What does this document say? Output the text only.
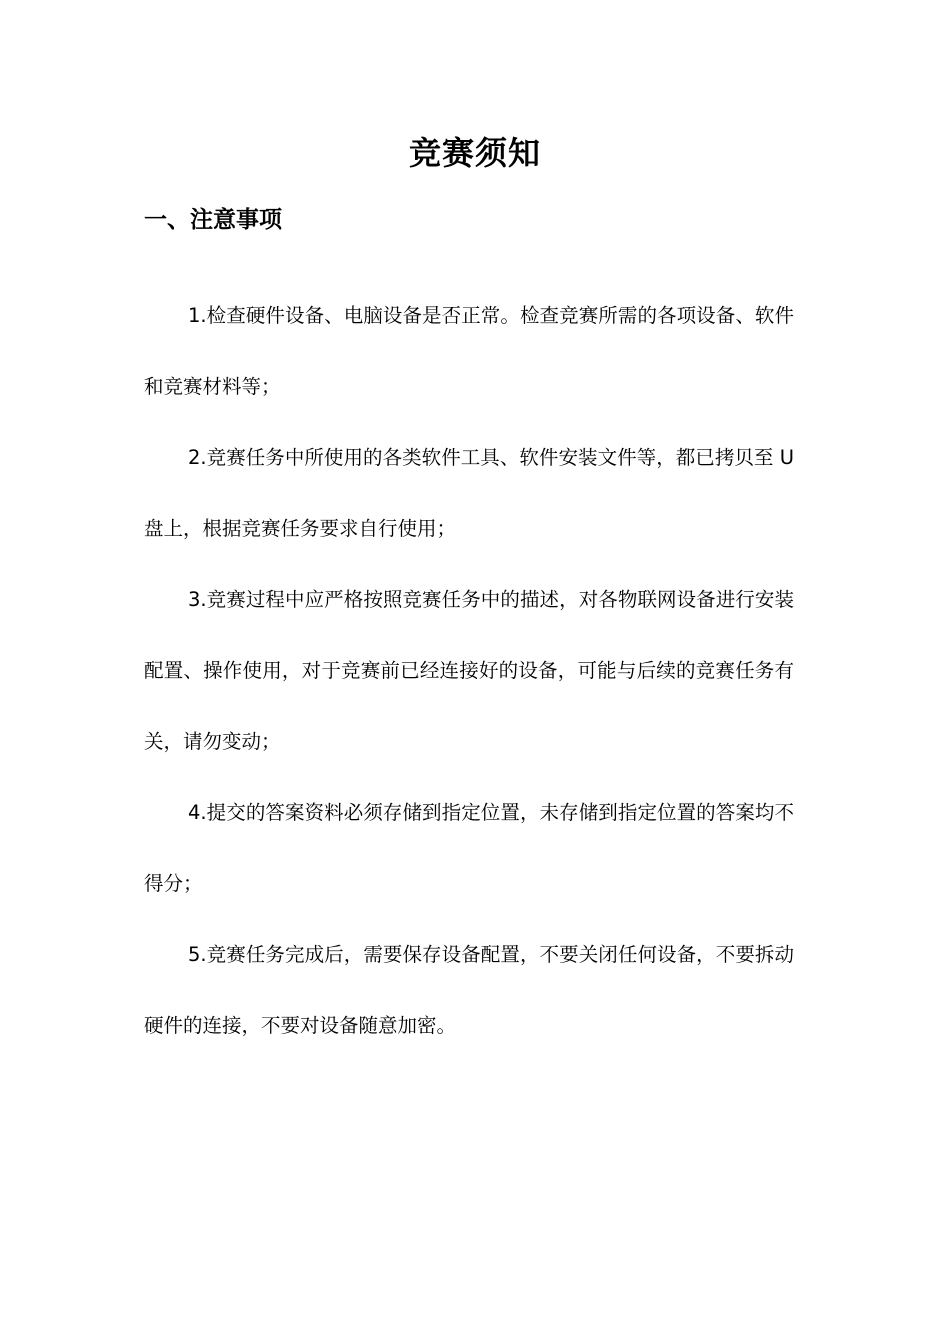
竞赛须知
一、注意事项

1.检查硬件设备、电脑设备是否正常。检查竞赛所需的各项设备、软件和竞赛材料等；

2.竞赛任务中所使用的各类软件工具、软件安装文件等，都已拷贝至 U 盘上，根据竞赛任务要求自行使用；

3.竞赛过程中应严格按照竞赛任务中的描述，对各物联网设备进行安装配置、操作使用，对于竞赛前已经连接好的设备，可能与后续的竞赛任务有关，请勿变动；

4.提交的答案资料必须存储到指定位置，未存储到指定位置的答案均不得分；

5.竞赛任务完成后，需要保存设备配置，不要关闭任何设备，不要拆动硬件的连接，不要对设备随意加密。
